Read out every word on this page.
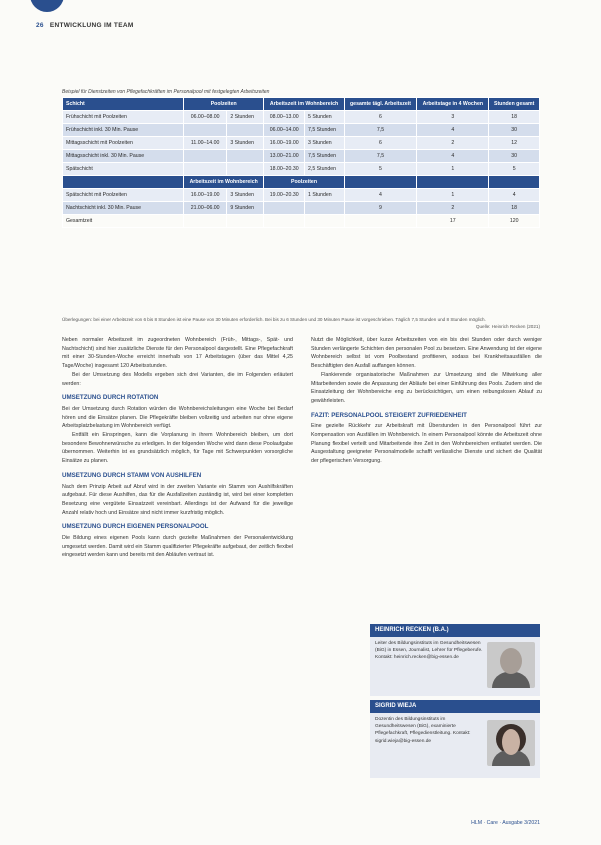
26 ENTWICKLUNG IM TEAM
Beispiel für Dienstzeiten von Pflegefachkräften im Personalpool mit festgelegten Arbeitszeiten
Schicht	Poolzeiten		Arbeitszeit im Wohnbereich		gesamte tägl. Arbeitszeit	Arbeitstage in 4 Wochen	Stunden gesamt
Frühschicht mit Poolzeiten	06.00–08.00	2 Stunden	08.00–13.00	5 Stunden	6	3	18
Frühschicht inkl. 30 Min. Pause			06.00–14.00	7,5 Stunden	7,5	4	30
Mittagsschicht mit Poolzeiten	11.00–14.00	3 Stunden	16.00–19.00	3 Stunden	6	2	12
Mittagsschicht inkl. 30 Min. Pause			13.00–21.00	7,5 Stunden	7,5	4	30
Spätschicht			18.00–20.30	2,5 Stunden	5	1	5
	Arbeitszeit im Wohnbereich		Poolzeiten				
Spätschicht mit Poolzeiten	16.00–19.00	3 Stunden	19.00–20.30	1 Stunden	4	1	4
Nachtschicht inkl. 30 Min. Pause	21.00–06.00	9 Stunden			9	2	18
Gesamtzeit						17	120
Überlegungen: bei einer Arbeitszeit von 6 bis 8 Stunden ist eine Pause von 30 Minuten erforderlich. Bei bis zu 6 Stunden und 30 Minuten Pause ist vorgeschrieben. Täglich 7,5 Stunden und 8 Stunden möglich.
Quelle: Heinrich Recken (2021)

Neben normaler Arbeitszeit im zugeordneten Wohnbereich (Früh-, Mittags-, Spät- und Nachtschicht) sind hier zusätzliche Dienste für den Personalpool dargestellt. Eine Pflegefachkraft mit einer 30-Stunden-Woche erreicht innerhalb von 17 Arbeitstagen (über das Mittel 4,25 Tage/Woche) insgesamt 120 Arbeitsstunden.

Bei der Umsetzung des Modells ergeben sich drei Varianten, die im Folgenden erläutert werden:

UMSETZUNG DURCH ROTATION

Bei der Umsetzung durch Rotation würden die Wohnbereichsleitungen eine Woche bei Bedarf hören und die Einsätze planen. Die Pflegekräfte bleiben vollzeitig und arbeiten nur ohne eigene Arbeitsplatzbelastung im Wohnbereich verfügt.

Entfällt ein Einspringen, kann die Vorplanung in ihrem Wohnbereich bleiben, um dort besondere Bewohnerwünsche zu erledigen. In der folgenden Woche wird dann diese Poolaufgabe übernommen. Weiterhin ist es grundsätzlich möglich, für Tage mit Schwerpunkten vorsorgliche Einsätze zu planen.

UMSETZUNG DURCH STAMM VON AUSHILFEN

Nach dem Prinzip Arbeit auf Abruf wird in der zweiten Variante ein Stamm von Aushilfskräften aufgebaut. Für diese Aushilfen, das für die Ausfallzeiten zuständig ist, wird bei einer kompletten Besetzung eine vergütete Einsatzzeit vereinbart. Allerdings ist der Aufwand für die jeweilige Anzahl relativ hoch und Einsätze sind nicht immer kurzfristig möglich.

UMSETZUNG DURCH EIGENEN PERSONALPOOL

Die Bildung eines eigenen Pools kann durch gezielte Maßnahmen der Personalentwicklung umgesetzt werden. Damit wird ein Stamm qualifizierter Pflegekräfte aufgebaut, der zeitlich flexibel eingesetzt werden kann und bereits mit den Abläufen vertraut ist.

Nutzt die Möglichkeit, über kurze Arbeitszeiten von ein bis drei Stunden oder durch weniger Stunden verlängerte Schichten den personalen Pool zu besetzen. Eine Anwendung ist der eigene Wohnbereich selbst ist vom Poolbestand profitieren, sodass bei Krankheitsausfällen die Beschäftigten den Ausfall auffangen können.

Flankierende organisatorische Maßnahmen zur Umsetzung sind die Mitwirkung aller Mitarbeitenden sowie die Anpassung der Abläufe bei einer Einführung des Pools. Zudem sind die Einsatzleitung der Wohnbereiche eng zu berücksichtigen, um einen reibungslosen Ablauf zu gewährleisten.

FAZIT: PERSONALPOOL STEIGERT ZUFRIEDENHEIT

Eine gezielte Rückkehr zur Arbeitskraft mit Überstunden in den Personalpool führt zur Kompensation von Ausfällen im Wohnbereich. In einem Personalpool könnte die Arbeitszeit ohne Planung flexibel verteilt und Mitarbeitende ihre Zeit in den Wohnbereichen entlastet werden. Die Ausgestaltung geeigneter Personalmodelle schafft verlässliche Dienste und sichert die Qualität der pflegerischen Versorgung.

HEINRICH RECKEN (B.A.)
Leiter des Bildungsinstituts im Gesundheitswesen (BiG) in Essen, Journalist, Lehrer für Pflegeberufe. Kontakt: heinrich.recken@big-essen.de
SIGRID WIEJA
Dozentin des Bildungsinstituts im Gesundheitswesen (BiG), examinierte Pflegefachkraft, Pflegedienstleitung. Kontakt: sigrid.wieja@big-essen.de
HLM · Care · Ausgabe 3/2021
